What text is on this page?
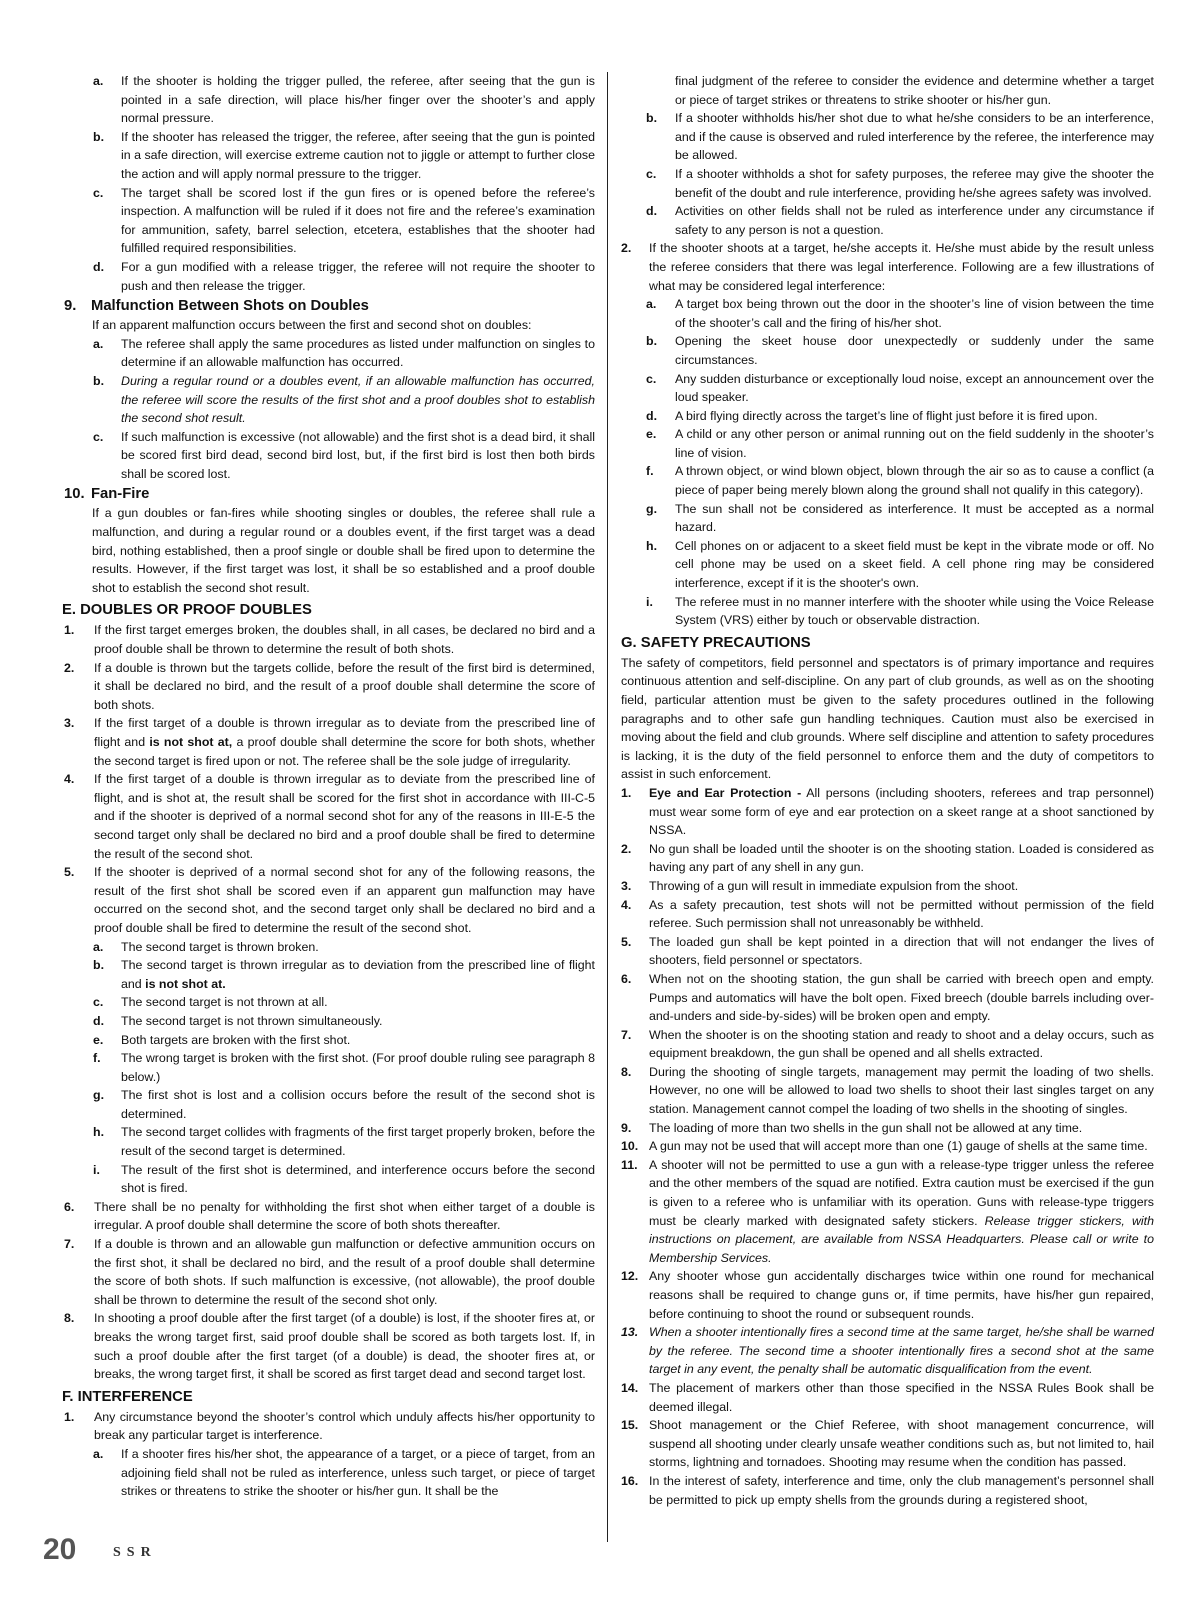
a. If the shooter is holding the trigger pulled, the referee, after seeing that the gun is pointed in a safe direction, will place his/her finger over the shooter’s and apply normal pressure.
b. If the shooter has released the trigger, the referee, after seeing that the gun is pointed in a safe direction, will exercise extreme caution not to jiggle or attempt to further close the action and will apply normal pressure to the trigger.
c. The target shall be scored lost if the gun fires or is opened before the referee’s inspection. A malfunction will be ruled if it does not fire and the referee’s examination for ammunition, safety, barrel selection, etcetera, establishes that the shooter had fulfilled required responsibilities.
d. For a gun modified with a release trigger, the referee will not require the shooter to push and then release the trigger.
9. Malfunction Between Shots on Doubles
If an apparent malfunction occurs between the first and second shot on doubles:
a. The referee shall apply the same procedures as listed under malfunction on singles to determine if an allowable malfunction has occurred.
b. During a regular round or a doubles event, if an allowable malfunction has occurred, the referee will score the results of the first shot and a proof doubles shot to establish the second shot result.
c. If such malfunction is excessive (not allowable) and the first shot is a dead bird, it shall be scored first bird dead, second bird lost, but, if the first bird is lost then both birds shall be scored lost.
10. Fan-Fire
If a gun doubles or fan-fires while shooting singles or doubles, the referee shall rule a malfunction, and during a regular round or a doubles event, if the first target was a dead bird, nothing established, then a proof single or double shall be fired upon to determine the results. However, if the first target was lost, it shall be so established and a proof double shot to establish the second shot result.
E. DOUBLES OR PROOF DOUBLES
1. If the first target emerges broken, the doubles shall, in all cases, be declared no bird and a proof double shall be thrown to determine the result of both shots.
2. If a double is thrown but the targets collide, before the result of the first bird is determined, it shall be declared no bird, and the result of a proof double shall determine the score of both shots.
3. If the first target of a double is thrown irregular as to deviate from the prescribed line of flight and is not shot at, a proof double shall determine the score for both shots, whether the second target is fired upon or not. The referee shall be the sole judge of irregularity.
4. If the first target of a double is thrown irregular as to deviate from the prescribed line of flight, and is shot at, the result shall be scored for the first shot in accordance with III-C-5 and if the shooter is deprived of a normal second shot for any of the reasons in III-E-5 the second target only shall be declared no bird and a proof double shall be fired to determine the result of the second shot.
5. If the shooter is deprived of a normal second shot for any of the following reasons, the result of the first shot shall be scored even if an apparent gun malfunction may have occurred on the second shot, and the second target only shall be declared no bird and a proof double shall be fired to determine the result of the second shot.
a. The second target is thrown broken.
b. The second target is thrown irregular as to deviation from the prescribed line of flight and is not shot at.
c. The second target is not thrown at all.
d. The second target is not thrown simultaneously.
e. Both targets are broken with the first shot.
f. The wrong target is broken with the first shot. (For proof double ruling see paragraph 8 below.)
g. The first shot is lost and a collision occurs before the result of the second shot is determined.
h. The second target collides with fragments of the first target properly broken, before the result of the second target is determined.
i. The result of the first shot is determined, and interference occurs before the second shot is fired.
6. There shall be no penalty for withholding the first shot when either target of a double is irregular. A proof double shall determine the score of both shots thereafter.
7. If a double is thrown and an allowable gun malfunction or defective ammunition occurs on the first shot, it shall be declared no bird, and the result of a proof double shall determine the score of both shots. If such malfunction is excessive, (not allowable), the proof double shall be thrown to determine the result of the second shot only.
8. In shooting a proof double after the first target (of a double) is lost, if the shooter fires at, or breaks the wrong target first, said proof double shall be scored as both targets lost. If, in such a proof double after the first target (of a double) is dead, the shooter fires at, or breaks, the wrong target first, it shall be scored as first target dead and second target lost.
F. INTERFERENCE
1. Any circumstance beyond the shooter’s control which unduly affects his/her opportunity to break any particular target is interference.
a. If a shooter fires his/her shot, the appearance of a target, or a piece of target, from an adjoining field shall not be ruled as interference, unless such target, or piece of target strikes or threatens to strike the shooter or his/her gun. It shall be the
final judgment of the referee to consider the evidence and determine whether a target or piece of target strikes or threatens to strike shooter or his/her gun.
b. If a shooter withholds his/her shot due to what he/she considers to be an interference, and if the cause is observed and ruled interference by the referee, the interference may be allowed.
c. If a shooter withholds a shot for safety purposes, the referee may give the shooter the benefit of the doubt and rule interference, providing he/she agrees safety was involved.
d. Activities on other fields shall not be ruled as interference under any circumstance if safety to any person is not a question.
2. If the shooter shoots at a target, he/she accepts it. He/she must abide by the result unless the referee considers that there was legal interference. Following are a few illustrations of what may be considered legal interference:
a. A target box being thrown out the door in the shooter’s line of vision between the time of the shooter’s call and the firing of his/her shot.
b. Opening the skeet house door unexpectedly or suddenly under the same circumstances.
c. Any sudden disturbance or exceptionally loud noise, except an announcement over the loud speaker.
d. A bird flying directly across the target’s line of flight just before it is fired upon.
e. A child or any other person or animal running out on the field suddenly in the shooter’s line of vision.
f. A thrown object, or wind blown object, blown through the air so as to cause a conflict (a piece of paper being merely blown along the ground shall not qualify in this category).
g. The sun shall not be considered as interference. It must be accepted as a normal hazard.
h. Cell phones on or adjacent to a skeet field must be kept in the vibrate mode or off. No cell phone may be used on a skeet field. A cell phone ring may be considered interference, except if it is the shooter's own.
i. The referee must in no manner interfere with the shooter while using the Voice Release System (VRS) either by touch or observable distraction.
G. SAFETY PRECAUTIONS
The safety of competitors, field personnel and spectators is of primary importance and requires continuous attention and self-discipline. On any part of club grounds, as well as on the shooting field, particular attention must be given to the safety procedures outlined in the following paragraphs and to other safe gun handling techniques. Caution must also be exercised in moving about the field and club grounds. Where self discipline and attention to safety procedures is lacking, it is the duty of the field personnel to enforce them and the duty of competitors to assist in such enforcement.
1. Eye and Ear Protection - All persons (including shooters, referees and trap personnel) must wear some form of eye and ear protection on a skeet range at a shoot sanctioned by NSSA.
2. No gun shall be loaded until the shooter is on the shooting station. Loaded is considered as having any part of any shell in any gun.
3. Throwing of a gun will result in immediate expulsion from the shoot.
4. As a safety precaution, test shots will not be permitted without permission of the field referee. Such permission shall not unreasonably be withheld.
5. The loaded gun shall be kept pointed in a direction that will not endanger the lives of shooters, field personnel or spectators.
6. When not on the shooting station, the gun shall be carried with breech open and empty. Pumps and automatics will have the bolt open. Fixed breech (double barrels including over-and-unders and side-by-sides) will be broken open and empty.
7. When the shooter is on the shooting station and ready to shoot and a delay occurs, such as equipment breakdown, the gun shall be opened and all shells extracted.
8. During the shooting of single targets, management may permit the loading of two shells. However, no one will be allowed to load two shells to shoot their last singles target on any station. Management cannot compel the loading of two shells in the shooting of singles.
9. The loading of more than two shells in the gun shall not be allowed at any time.
10. A gun may not be used that will accept more than one (1) gauge of shells at the same time.
11. A shooter will not be permitted to use a gun with a release-type trigger unless the referee and the other members of the squad are notified. Extra caution must be exercised if the gun is given to a referee who is unfamiliar with its operation. Guns with release-type triggers must be clearly marked with designated safety stickers. Release trigger stickers, with instructions on placement, are available from NSSA Headquarters. Please call or write to Membership Services.
12. Any shooter whose gun accidentally discharges twice within one round for mechanical reasons shall be required to change guns or, if time permits, have his/her gun repaired, before continuing to shoot the round or subsequent rounds.
13. When a shooter intentionally fires a second time at the same target, he/she shall be warned by the referee. The second time a shooter intentionally fires a second shot at the same target in any event, the penalty shall be automatic disqualification from the event.
14. The placement of markers other than those specified in the NSSA Rules Book shall be deemed illegal.
15. Shoot management or the Chief Referee, with shoot management concurrence, will suspend all shooting under clearly unsafe weather conditions such as, but not limited to, hail storms, lightning and tornadoes. Shooting may resume when the condition has passed.
16. In the interest of safety, interference and time, only the club management’s personnel shall be permitted to pick up empty shells from the grounds during a registered shoot,
20	SSR
